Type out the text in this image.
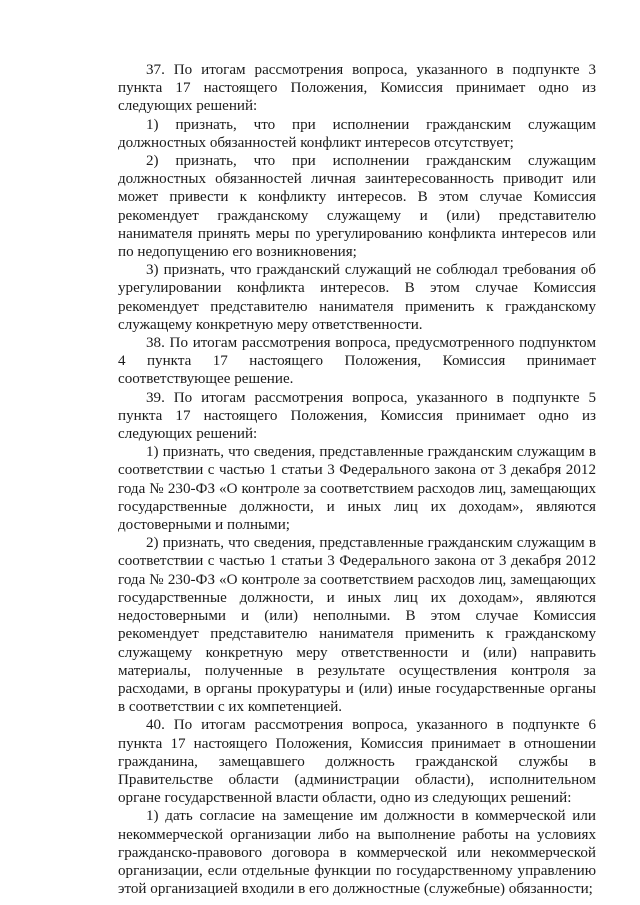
37. По итогам рассмотрения вопроса, указанного в подпункте 3 пункта 17 настоящего Положения, Комиссия принимает одно из следующих решений:

1) признать, что при исполнении гражданским служащим должностных обязанностей конфликт интересов отсутствует;

2) признать, что при исполнении гражданским служащим должностных обязанностей личная заинтересованность приводит или может привести к конфликту интересов. В этом случае Комиссия рекомендует гражданскому служащему и (или) представителю нанимателя принять меры по урегулированию конфликта интересов или по недопущению его возникновения;

3) признать, что гражданский служащий не соблюдал требования об урегулировании конфликта интересов. В этом случае Комиссия рекомендует представителю нанимателя применить к гражданскому служащему конкретную меру ответственности.

38. По итогам рассмотрения вопроса, предусмотренного подпунктом 4 пункта 17 настоящего Положения, Комиссия принимает соответствующее решение.

39. По итогам рассмотрения вопроса, указанного в подпункте 5 пункта 17 настоящего Положения, Комиссия принимает одно из следующих решений:

1) признать, что сведения, представленные гражданским служащим в соответствии с частью 1 статьи 3 Федерального закона от 3 декабря 2012 года № 230-ФЗ «О контроле за соответствием расходов лиц, замещающих государственные должности, и иных лиц их доходам», являются достоверными и полными;

2) признать, что сведения, представленные гражданским служащим в соответствии с частью 1 статьи 3 Федерального закона от 3 декабря 2012 года № 230-ФЗ «О контроле за соответствием расходов лиц, замещающих государственные должности, и иных лиц их доходам», являются недостоверными и (или) неполными. В этом случае Комиссия рекомендует представителю нанимателя применить к гражданскому служащему конкретную меру ответственности и (или) направить материалы, полученные в результате осуществления контроля за расходами, в органы прокуратуры и (или) иные государственные органы в соответствии с их компетенцией.

40. По итогам рассмотрения вопроса, указанного в подпункте 6 пункта 17 настоящего Положения, Комиссия принимает в отношении гражданина, замещавшего должность гражданской службы в Правительстве области (администрации области), исполнительном органе государственной власти области, одно из следующих решений:

1) дать согласие на замещение им должности в коммерческой или некоммерческой организации либо на выполнение работы на условиях гражданско-правового договора в коммерческой или некоммерческой организации, если отдельные функции по государственному управлению этой организацией входили в его должностные (служебные) обязанности;
